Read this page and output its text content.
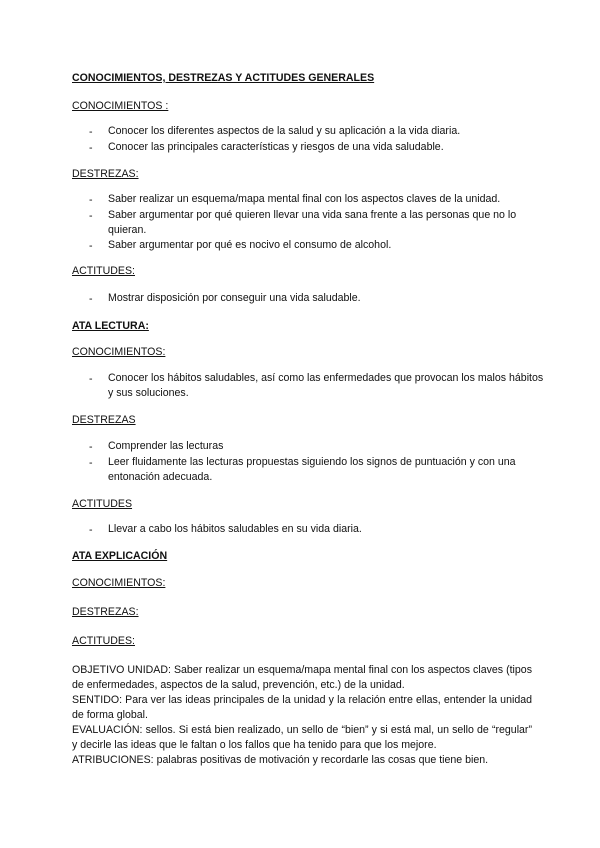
CONOCIMIENTOS, DESTREZAS Y ACTITUDES GENERALES
CONOCIMIENTOS :
- Conocer los diferentes aspectos de la salud y su aplicación a la vida diaria.
- Conocer las principales características y riesgos de una vida saludable.
DESTREZAS:
- Saber realizar un esquema/mapa mental final con los aspectos claves de la unidad.
- Saber argumentar por qué quieren llevar una vida sana frente a las personas que no lo quieran.
- Saber argumentar por qué es nocivo el consumo de alcohol.
ACTITUDES:
- Mostrar disposición por conseguir una vida saludable.
ATA LECTURA:
CONOCIMIENTOS:
- Conocer los hábitos saludables, así como las enfermedades que provocan los malos hábitos y sus soluciones.
DESTREZAS
- Comprender las lecturas
- Leer fluidamente las lecturas propuestas siguiendo los signos de puntuación y con una entonación adecuada.
ACTITUDES
- Llevar a cabo los hábitos saludables en su vida diaria.
ATA EXPLICACIÓN
CONOCIMIENTOS:
DESTREZAS:
ACTITUDES:
OBJETIVO UNIDAD: Saber realizar un esquema/mapa mental final con los aspectos claves (tipos de enfermedades, aspectos de la salud, prevención, etc.) de la unidad.
SENTIDO: Para ver las ideas principales de la unidad y la relación entre ellas, entender la unidad de forma global.
EVALUACIÓN: sellos. Si está bien realizado, un sello de “bien” y si está mal, un sello de “regular” y decirle las ideas que le faltan o los fallos que ha tenido para que los mejore.
ATRIBUCIONES: palabras positivas de motivación y recordarle las cosas que tiene bien.
